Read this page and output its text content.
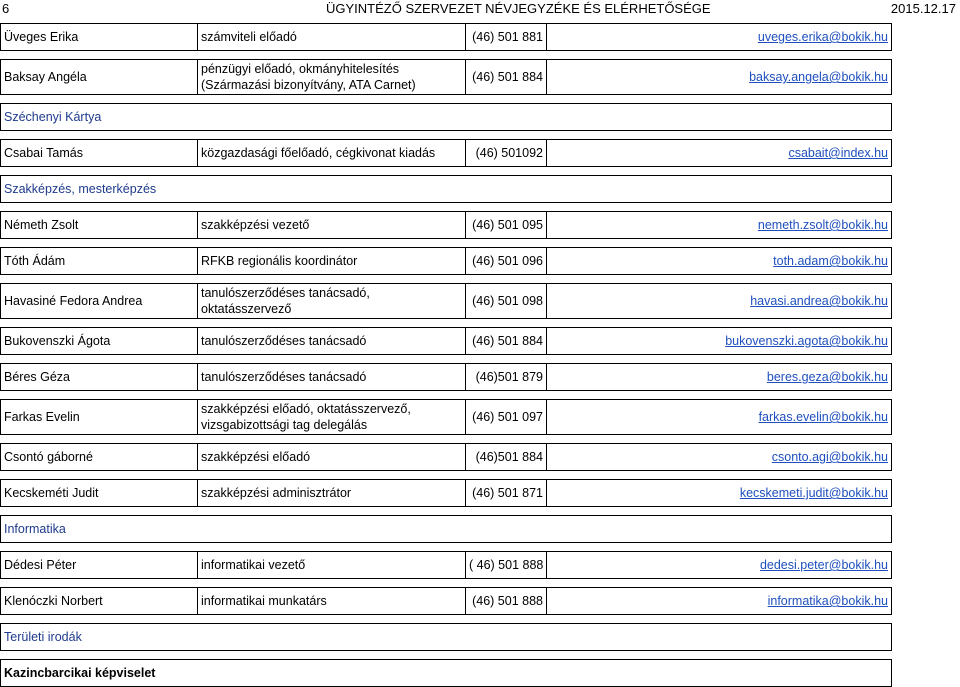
6	ÜGYINTÉZŐ SZERVEZET NÉVJEGYZÉKE ÉS ELÉRHETŐSÉGE	2015.12.17
Üveges Erika	számviteli előadó	(46) 501 881	uveges.erika@bokik.hu

Baksay Angéla	pénzügyi előadó, okmányhitelesítés (Származási bizonyítvány, ATA Carnet)	(46) 501 884	baksay.angela@bokik.hu

Széchenyi Kártya			

Csabai Tamás	közgazdasági főelőadó, cégkivonat kiadás	(46) 501092	csabait@index.hu

Szakképzés, mesterképzés			

Németh Zsolt	szakképzési vezető	(46) 501 095	nemeth.zsolt@bokik.hu

Tóth Ádám	RFKB regionális koordinátor	(46) 501 096	toth.adam@bokik.hu

Havasiné Fedora Andrea	tanulószerződéses tanácsadó, oktatásszervező	(46) 501 098	havasi.andrea@bokik.hu

Bukovenszki Ágota	tanulószerződéses tanácsadó	(46) 501 884	bukovenszki.agota@bokik.hu

Béres Géza	tanulószerződéses tanácsadó	(46)501 879	beres.geza@bokik.hu

Farkas Evelin	szakképzési előadó, oktatásszervező, vizsgabizottsági tag delegálás	(46) 501 097	farkas.evelin@bokik.hu

Csontó gáborné	szakképzési előadó	(46)501 884	csonto.agi@bokik.hu

Kecskeméti Judit	szakképzési adminisztrátor	(46) 501 871	kecskemeti.judit@bokik.hu

Informatika			

Dédesi Péter	informatikai vezető	( 46) 501 888	dedesi.peter@bokik.hu

Klenóczki Norbert	informatikai munkatárs	(46) 501 888	informatika@bokik.hu

Területi irodák			

Kazincbarcikai képviselet			
